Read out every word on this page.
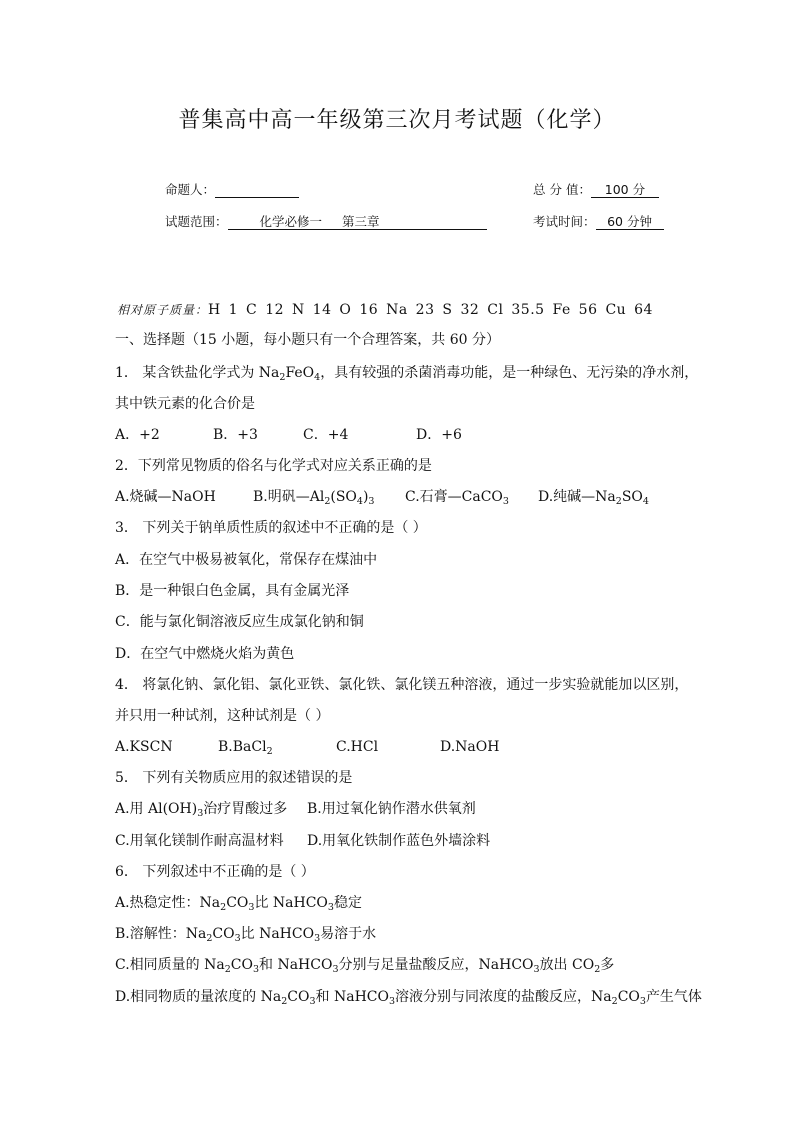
普集高中高一年级第三次月考试题（化学）
命题人：	总 分 值： 100 分
试题范围：	化学必修一 第三章	考试时间： 60 分钟
相对原子质量：H 1 C 12 N 14 O 16 Na 23 S 32 Cl 35.5 Fe 56 Cu 64
一、选择题（15 小题，每小题只有一个合理答案，共 60 分）
1． 某含铁盐化学式为 $Na_2FeO_4$，具有较强的杀菌消毒功能，是一种绿色、无污染的净水剂，
其中铁元素的化合价是
A．+2	B．+3	C．+4	D．+6
2．下列常见物质的俗名与化学式对应关系正确的是
A.烧碱—NaOH	B.明矾$—Al_2(SO_4)_3$ C.石膏—CaCO$_3$ D.纯碱$—Na_2SO_4$
3． 下列关于钠单质性质的叙述中不正确的是（ ）
A．在空气中极易被氧化，常保存在煤油中
B．是一种银白色金属，具有金属光泽
C．能与氯化铜溶液反应生成氯化钠和铜
D．在空气中燃烧火焰为黄色
4． 将氯化钠、氯化铝、氯化亚铁、氯化铁、氯化镁五种溶液，通过一步实验就能加以区别，
并只用一种试剂，这种试剂是（ ）
A.KSCN	B.BaCl$_2$	C.HCl	D.NaOH
5． 下列有关物质应用的叙述错误的是
A.用 $Al(OH)_3$治疗胃酸过多 B.用过氧化钠作潜水供氧剂
C.用氧化镁制作耐高温材料 D.用氧化铁制作蓝色外墙涂料
6． 下列叙述中不正确的是（ ）
A.热稳定性：$Na_2CO_3$比 NaHCO$_3$稳定
B.溶解性：$Na_2CO_3$比 NaHCO$_3$易溶于水
C.相同质量的 $Na_2CO_3$和 NaHCO$_3$分别与足量盐酸反应，NaHCO$_3$放出 $CO_2$多
D.相同物质的量浓度的 $Na_2CO_3$和 NaHCO$_3$溶液分别与同浓度的盐酸反应，$Na_2CO_3$产生气体
